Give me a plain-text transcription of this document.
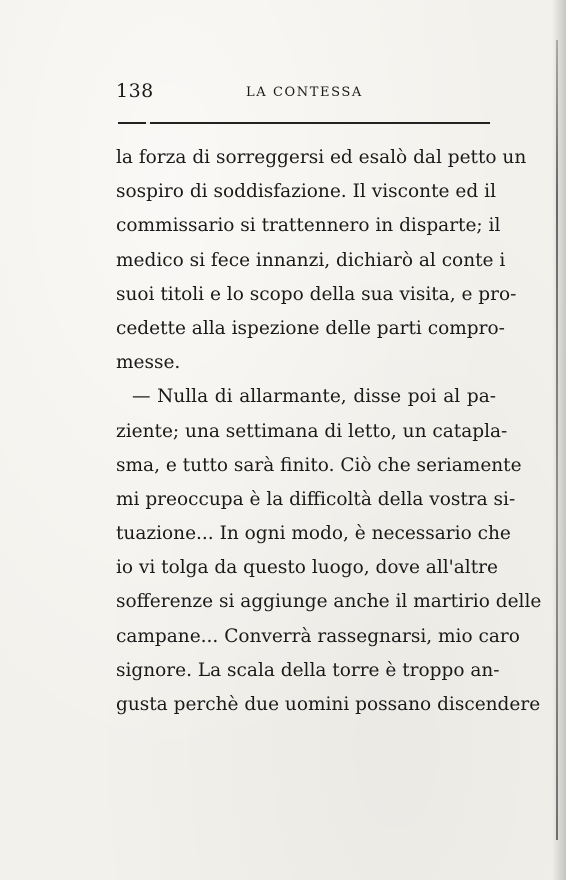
138	LA CONTESSA
la forza di sorreggersi ed esalò dal petto un
sospiro di soddisfazione. Il visconte ed il
commissario si trattennero in disparte; il
medico si fece innanzi, dichiarò al conte i
suoi titoli e lo scopo della sua visita, e pro-
cedette alla ispezione delle parti compro-
messe.
— Nulla di allarmante, disse poi al pa-
ziente; una settimana di letto, un catapla-
sma, e tutto sarà finito. Ciò che seriamente
mi preoccupa è la difficoltà della vostra si-
tuazione... In ogni modo, è necessario che
io vi tolga da questo luogo, dove all'altre
sofferenze si aggiunge anche il martirio delle
campane... Converrà rassegnarsi, mio caro
signore. La scala della torre è troppo an-
gusta perchè due uomini possano discendere
